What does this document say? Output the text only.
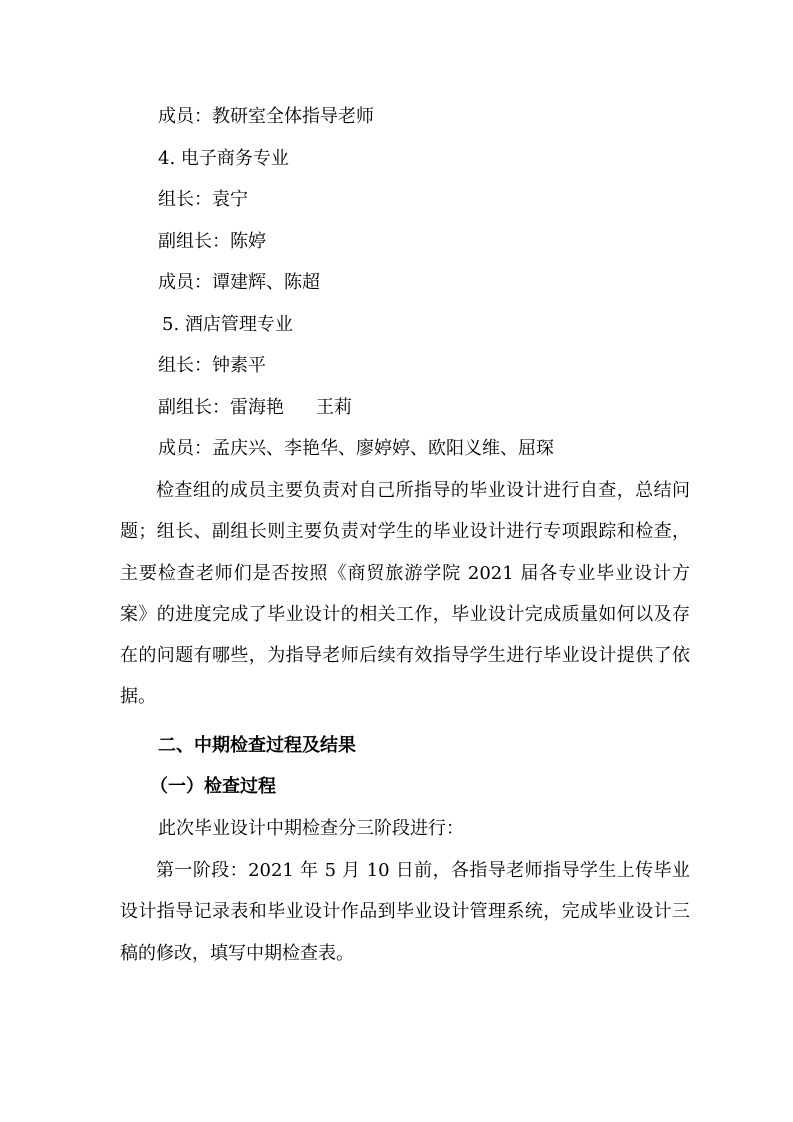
成员：教研室全体指导老师
4. 电子商务专业
组长：袁宁
副组长：陈婷
成员：谭建辉、陈超
5. 酒店管理专业
组长：钟素平
副组长：雷海艳 王莉
成员：孟庆兴、李艳华、廖婷婷、欧阳义维、屈琛
检查组的成员主要负责对自己所指导的毕业设计进行自查，总结问题；组长、副组长则主要负责对学生的毕业设计进行专项跟踪和检查，主要检查老师们是否按照《商贸旅游学院 2021 届各专业毕业设计方案》的进度完成了毕业设计的相关工作，毕业设计完成质量如何以及存在的问题有哪些，为指导老师后续有效指导学生进行毕业设计提供了依据。
二、中期检查过程及结果
（一）检查过程
此次毕业设计中期检查分三阶段进行：
第一阶段：2021 年 5 月 10 日前，各指导老师指导学生上传毕业设计指导记录表和毕业设计作品到毕业设计管理系统，完成毕业设计三稿的修改，填写中期检查表。
